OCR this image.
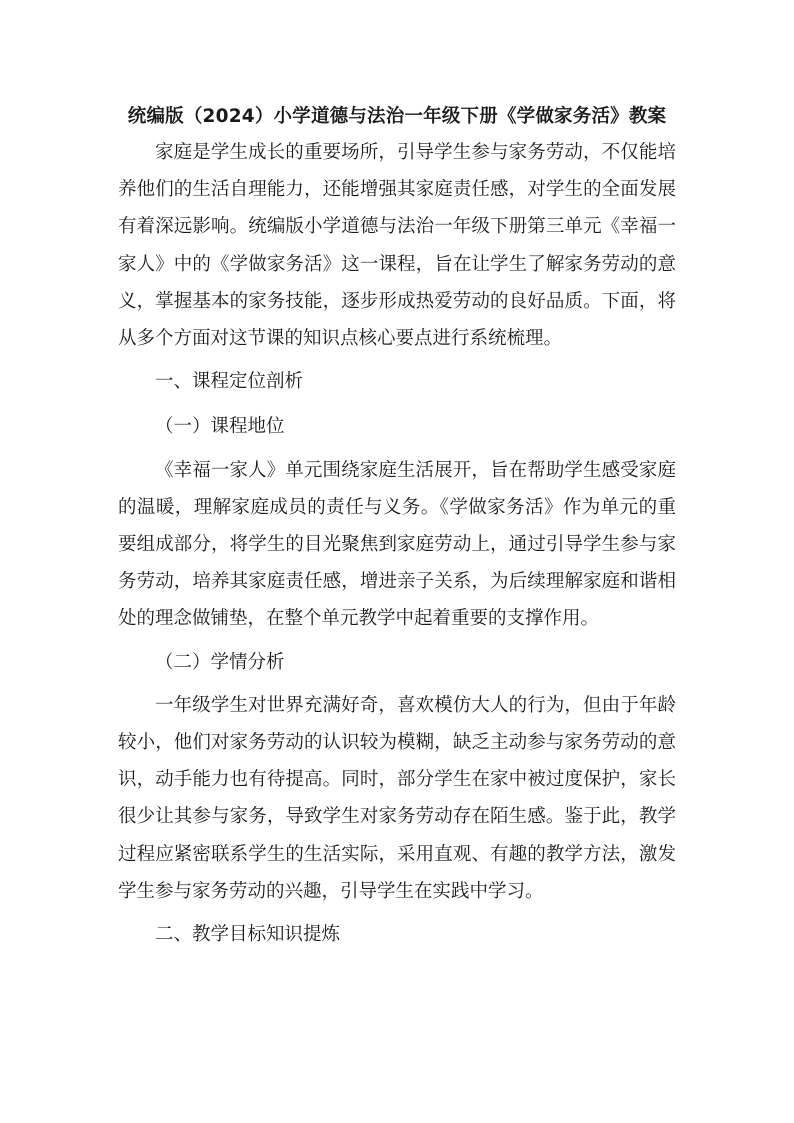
统编版（2024）小学道德与法治一年级下册《学做家务活》教案

家庭是学生成长的重要场所，引导学生参与家务劳动，不仅能培养他们的生活自理能力，还能增强其家庭责任感，对学生的全面发展有着深远影响。统编版小学道德与法治一年级下册第三单元《幸福一家人》中的《学做家务活》这一课程，旨在让学生了解家务劳动的意义，掌握基本的家务技能，逐步形成热爱劳动的良好品质。下面，将从多个方面对这节课的知识点核心要点进行系统梳理。

一、课程定位剖析

（一）课程地位

《幸福一家人》单元围绕家庭生活展开，旨在帮助学生感受家庭的温暖，理解家庭成员的责任与义务。《学做家务活》作为单元的重要组成部分，将学生的目光聚焦到家庭劳动上，通过引导学生参与家务劳动，培养其家庭责任感，增进亲子关系，为后续理解家庭和谐相处的理念做铺垫，在整个单元教学中起着重要的支撑作用。

（二）学情分析

一年级学生对世界充满好奇，喜欢模仿大人的行为，但由于年龄较小，他们对家务劳动的认识较为模糊，缺乏主动参与家务劳动的意识，动手能力也有待提高。同时，部分学生在家中被过度保护，家长很少让其参与家务，导致学生对家务劳动存在陌生感。鉴于此，教学过程应紧密联系学生的生活实际，采用直观、有趣的教学方法，激发学生参与家务劳动的兴趣，引导学生在实践中学习。

二、教学目标知识提炼
